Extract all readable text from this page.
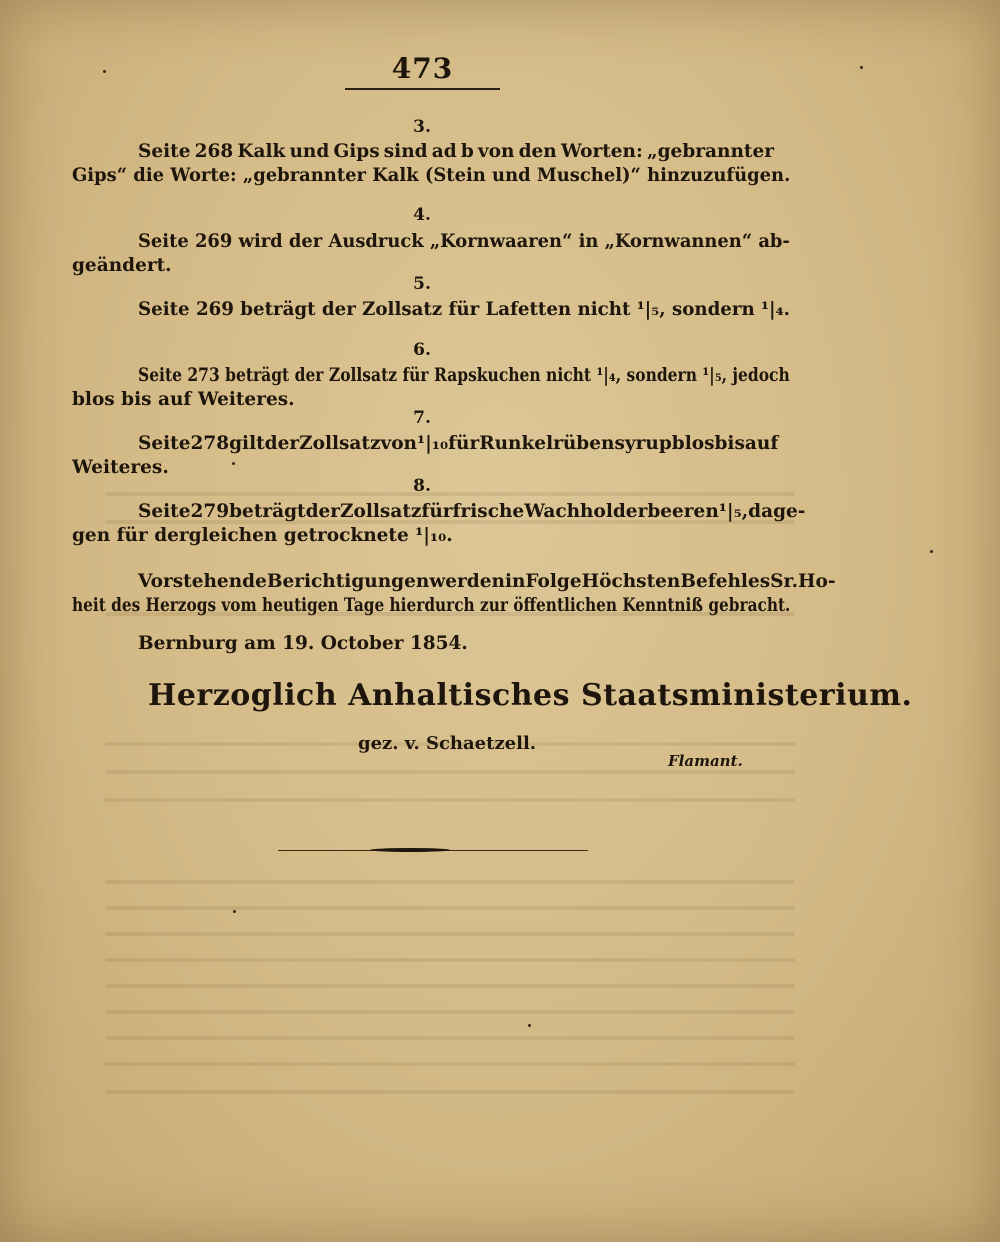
473
3.
Seite 268 Kalk und Gips sind ad b von den Worten: „gebrannter
Gips“ die Worte: „gebrannter Kalk (Stein und Muschel)“ hinzuzufügen.
4.
Seite 269 wird der Ausdruck „Kornwaaren“ in „Kornwannen“ ab-
geändert.
5.
Seite 269 beträgt der Zollsatz für Lafetten nicht ¹|₅, sondern ¹|₄.
6.
Seite 273 beträgt der Zollsatz für Rapskuchen nicht ¹|₄, sondern ¹|₅, jedoch
blos bis auf Weiteres.
7.
Seite 278 gilt der Zollsatz von ¹|₁₀ für Runkelrübensyrup blos bis auf
Weiteres.
8.
Seite 279 beträgt der Zollsatz für frische Wachholderbeeren ¹|₅, dage-
gen für dergleichen getrocknete ¹|₁₀.
Vorstehende Berichtigungen werden in Folge Höchsten Befehles Sr. Ho-
heit des Herzogs vom heutigen Tage hierdurch zur öffentlichen Kenntniß gebracht.
Bernburg am 19. October 1854.
Herzoglich Anhaltisches Staatsministerium.
gez. v. Schaetzell.
Flamant.
